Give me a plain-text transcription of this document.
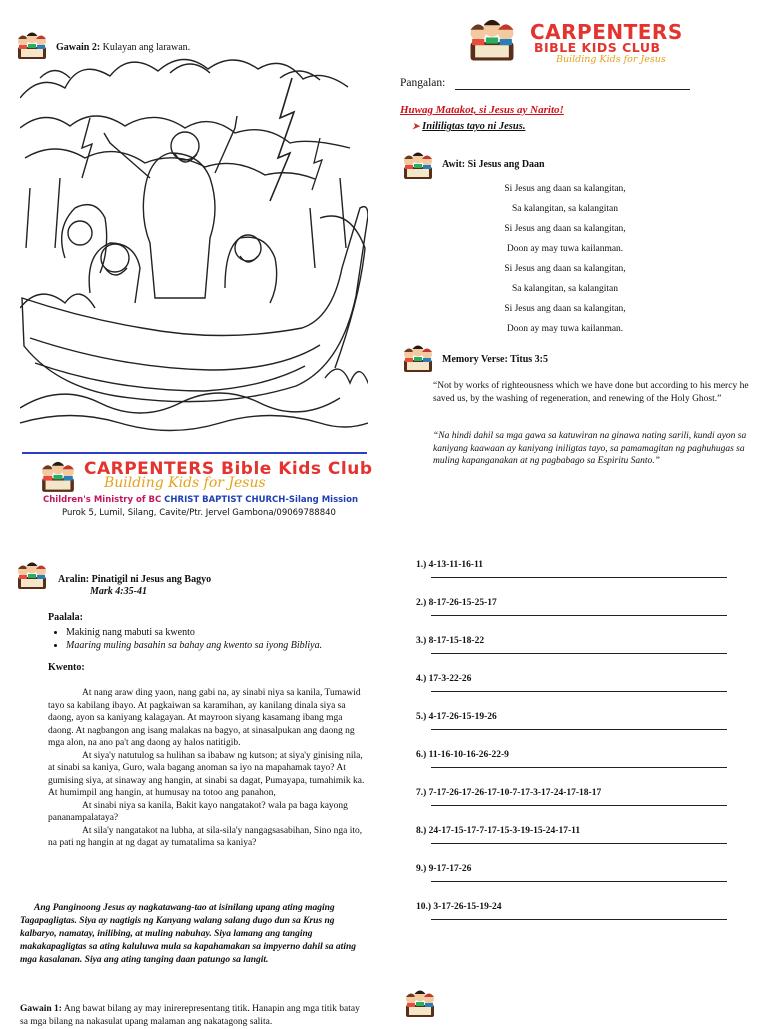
Gawain 2: Kulayan ang larawan.
CARPENTERS Bible Kids Club
Building Kids for Jesus
Children's Ministry of BC CHRIST BAPTIST CHURCH-Silang Mission
Purok 5, Lumil, Silang, Cavite/Ptr. Jervel Gambona/09069788840
Aralin: Pinatigil ni Jesus ang Bagyo
Mark 4:35-41
Paalala:
• Makinig nang mabuti sa kwento
• Maaring muling basahin sa bahay ang kwento sa iyong Bibliya.
Kwento:

At nang araw ding yaon, nang gabi na, ay sinabi niya sa kanila, Tumawid tayo sa kabilang ibayo. At pagkaiwan sa karamihan, ay kanilang dinala siya sa daong, ayon sa kaniyang kalagayan. At mayroon siyang kasamang ibang mga daong. At nagbangon ang isang malakas na bagyo, at sinasalpukan ang daong ng mga alon, na ano pa't ang daong ay halos natitigib.

At siya'y natutulog sa hulihan sa ibabaw ng kutson; at siya'y ginising nila, at sinabi sa kaniya, Guro, wala bagang anoman sa iyo na mapahamak tayo? At gumising siya, at sinaway ang hangin, at sinabi sa dagat, Pumayapa, tumahimik ka. At humimpil ang hangin, at humusay na totoo ang panahon,

At sinabi niya sa kanila, Bakit kayo nangatakot? wala pa baga kayong pananampalataya?

At sila'y nangatakot na lubha, at sila-sila'y nangagsasabihan, Sino nga ito, na pati ng hangin at ng dagat ay tumatalima sa kaniya?

Ang Panginoong Jesus ay nagkatawang-tao at isinilang upang ating maging Tagapagligtas. Siya ay nagtigis ng Kanyang walang salang dugo dun sa Krus ng kalbaryo, namatay, inilibing, at muling nabuhay. Siya lamang ang tanging makakapagligtas sa ating kaluluwa mula sa kapahamakan sa impyerno dahil sa ating mga kasalanan. Siya ang ating tanging daan patungo sa langit.
Gawain 1: Ang bawat bilang ay may inirerepresentang titik. Hanapin ang mga titik batay sa mga bilang na nakasulat upang malaman ang nakatagong salita.
CARPENTERS
BIBLE KIDS CLUB
Building Kids for Jesus
Pangalan:
Huwag Matakot, si Jesus ay Narito!
➤ Inililigtas tayo ni Jesus.
Awit: Si Jesus ang Daan
Si Jesus ang daan sa kalangitan,
Sa kalangitan, sa kalangitan
Si Jesus ang daan sa kalangitan,
Doon ay may tuwa kailanman.
Si Jesus ang daan sa kalangitan,
Sa kalangitan, sa kalangitan
Si Jesus ang daan sa kalangitan,
Doon ay may tuwa kailanman.
Memory Verse: Titus 3:5
“Not by works of righteousness which we have done but according to his mercy he saved us, by the washing of regeneration, and renewing of the Holy Ghost.”
“Na hindi dahil sa mga gawa sa katuwiran na ginawa nating sarili, kundi ayon sa kaniyang kaawaan ay kaniyang iniligtas tayo, sa pamamagitan ng paghuhugas sa muling kapanganakan at ng pagbabago sa Espiritu Santo.”
1.) 4-13-11-16-11
2.) 8-17-26-15-25-17
3.) 8-17-15-18-22
4.) 17-3-22-26
5.) 4-17-26-15-19-26
6.) 11-16-10-16-26-22-9
7.) 7-17-26-17-26-17-10-7-17-3-17-24-17-18-17
8.) 24-17-15-17-7-17-15-3-19-15-24-17-11
9.) 9-17-17-26
10.) 3-17-26-15-19-24
